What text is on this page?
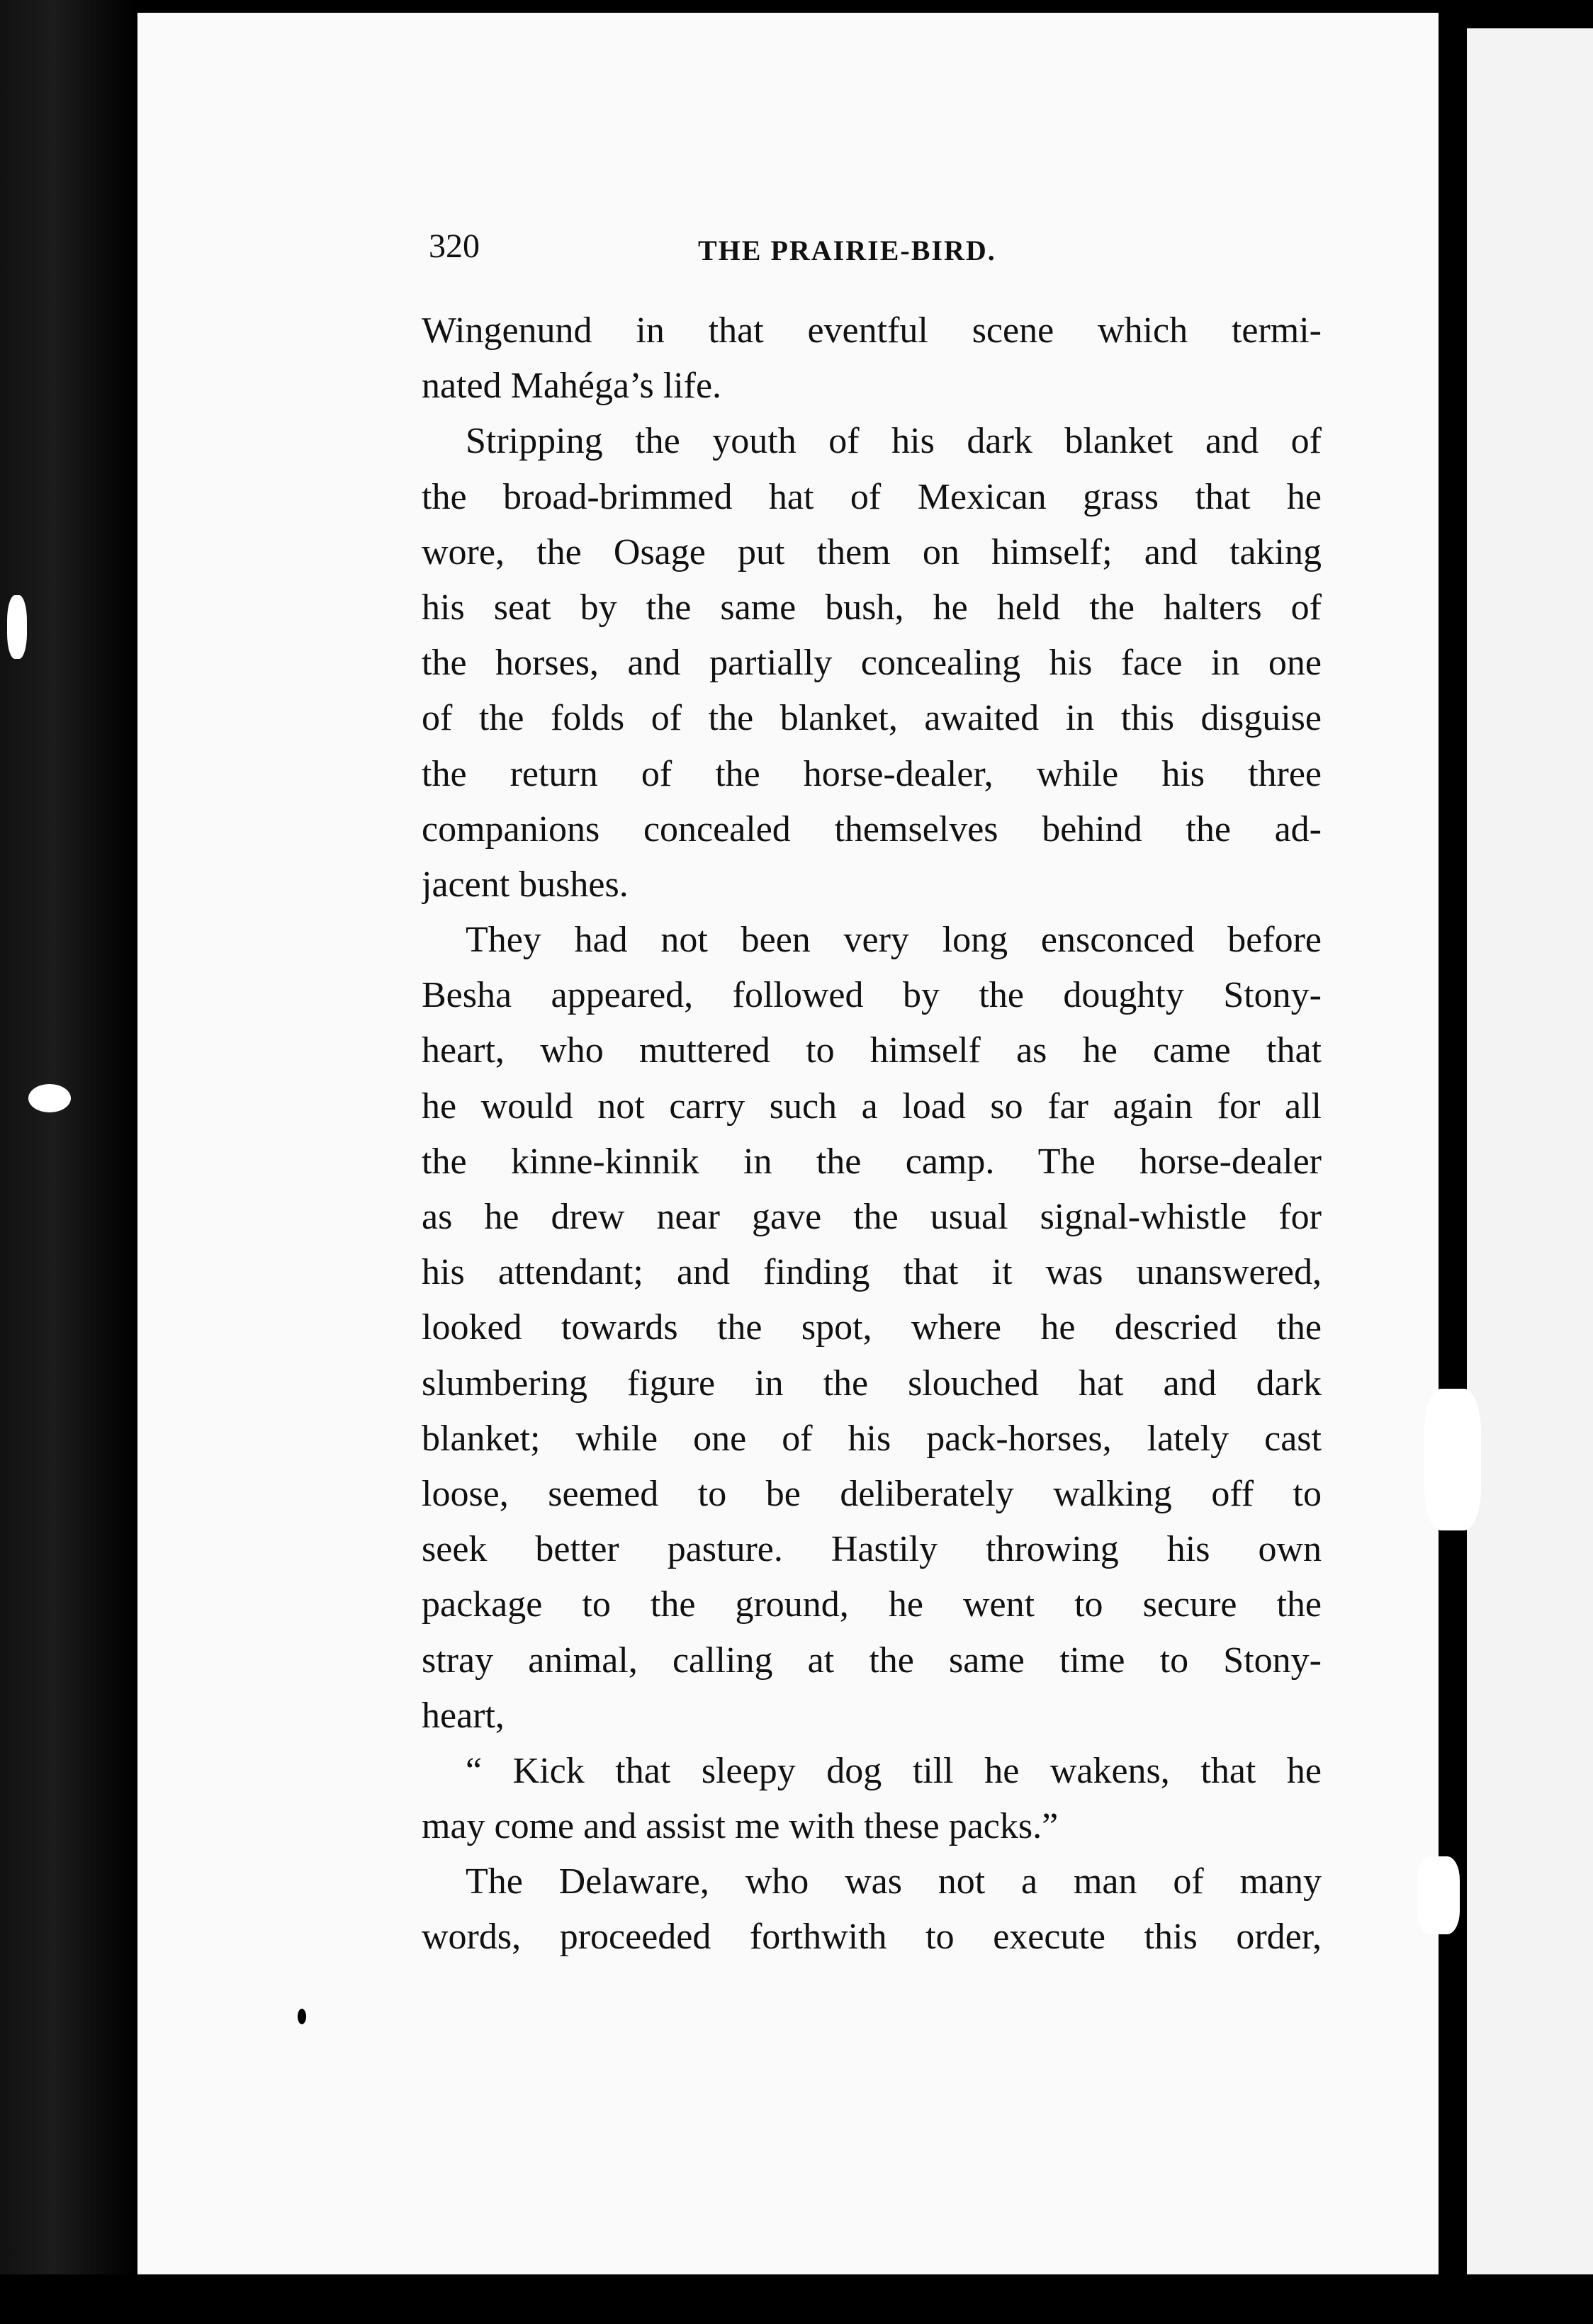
320	THE PRAIRIE-BIRD.
Wingenund in that eventful scene which termi-
nated Mahéga’s life.
Stripping the youth of his dark blanket and of
the broad-brimmed hat of Mexican grass that he
wore, the Osage put them on himself; and taking
his seat by the same bush, he held the halters of
the horses, and partially concealing his face in one
of the folds of the blanket, awaited in this disguise
the return of the horse-dealer, while his three
companions concealed themselves behind the ad-
jacent bushes.
They had not been very long ensconced before
Besha appeared, followed by the doughty Stony-
heart, who muttered to himself as he came that
he would not carry such a load so far again for all
the kinne-kinnik in the camp. The horse-dealer
as he drew near gave the usual signal-whistle for
his attendant; and finding that it was unanswered,
looked towards the spot, where he descried the
slumbering figure in the slouched hat and dark
blanket; while one of his pack-horses, lately cast
loose, seemed to be deliberately walking off to
seek better pasture. Hastily throwing his own
package to the ground, he went to secure the
stray animal, calling at the same time to Stony-
heart,
“ Kick that sleepy dog till he wakens, that he
may come and assist me with these packs.”
The Delaware, who was not a man of many
words, proceeded forthwith to execute this order,
